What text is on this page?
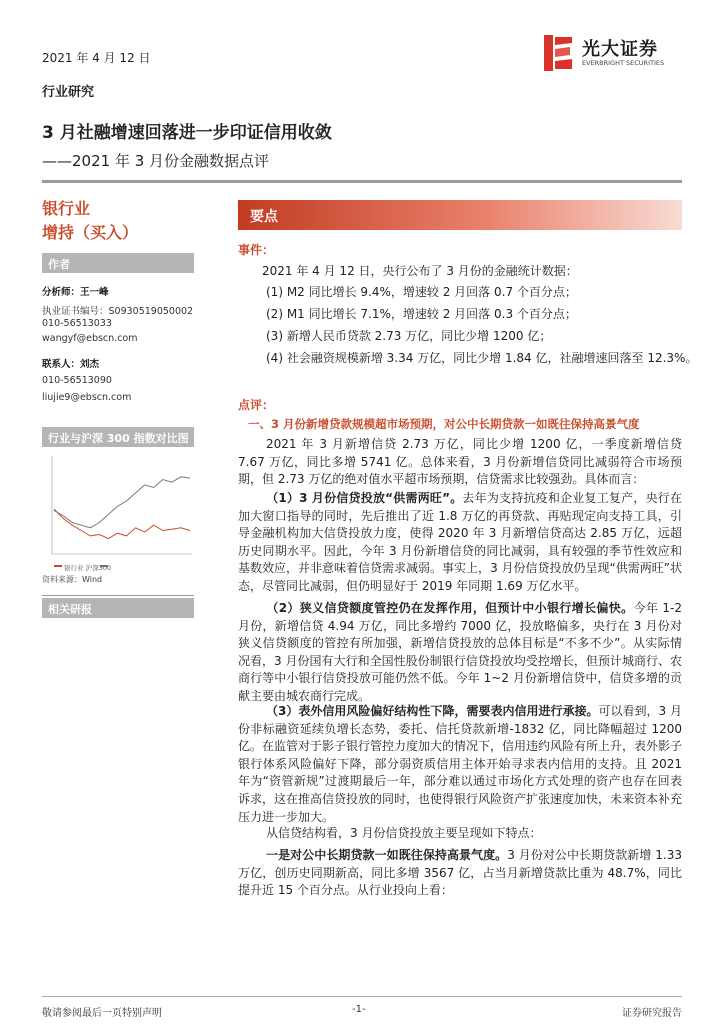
2021 年 4 月 12 日	光大证券
EVERBRIGHT SECURITIES
行业研究
3 月社融增速回落进一步印证信用收敛
——2021 年 3 月份金融数据点评
银行业
增持（买入）
作者
分析师：王一峰
执业证书编号：S0930519050002
010-56513033
wangyf@ebscn.com
联系人：刘杰
010-56513090
liujie9@ebscn.com
行业与沪深 300 指数对比图
银行业 沪深300
资料来源：Wind
相关研报
要点
事件：
2021 年 4 月 12 日，央行公布了 3 月份的金融统计数据：
(1) M2 同比增长 9.4%，增速较 2 月回落 0.7 个百分点；
(2) M1 同比增长 7.1%，增速较 2 月回落 0.3 个百分点；
(3) 新增人民币贷款 2.73 万亿，同比少增 1200 亿；
(4) 社会融资规模新增 3.34 万亿，同比少增 1.84 亿，社融增速回落至 12.3%。
点评：
一、3 月份新增贷款规模超市场预期，对公中长期贷款一如既往保持高景气度
2021 年 3 月新增信贷 2.73 万亿，同比少增 1200 亿，一季度新增信贷 7.67 万亿，同比多增 5741 亿。总体来看，3 月份新增信贷同比减弱符合市场预期，但 2.73 万亿的绝对值水平超市场预期，信贷需求比较强劲。具体而言：
（1）3 月份信贷投放“供需两旺”。去年为支持抗疫和企业复工复产，央行在加大窗口指导的同时，先后推出了近 1.8 万亿的再贷款、再贴现定向支持工具，引导金融机构加大信贷投放力度，使得 2020 年 3 月新增信贷高达 2.85 万亿，远超历史同期水平。因此，今年 3 月份新增信贷的同比减弱，具有较强的季节性效应和基数效应，并非意味着信贷需求减弱。事实上，3 月份信贷投放仍呈现“供需两旺”状态，尽管同比减弱，但仍明显好于 2019 年同期 1.69 万亿水平。
（2）狭义信贷额度管控仍在发挥作用，但预计中小银行增长偏快。今年 1-2 月份，新增信贷 4.94 万亿，同比多增约 7000 亿，投放略偏多，央行在 3 月份对狭义信贷额度的管控有所加强，新增信贷投放的总体目标是“不多不少”。从实际情况看，3 月份国有大行和全国性股份制银行信贷投放均受控增长，但预计城商行、农商行等中小银行信贷投放可能仍然不低。今年 1~2 月份新增信贷中，信贷多增的贡献主要由城农商行完成。
（3）表外信用风险偏好结构性下降，需要表内信用进行承接。可以看到，3 月份非标融资延续负增长态势，委托、信托贷款新增-1832 亿，同比降幅超过 1200 亿。在监管对于影子银行管控力度加大的情况下，信用违约风险有所上升，表外影子银行体系风险偏好下降，部分弱资质信用主体开始寻求表内信用的支持。且 2021 年为“资管新规”过渡期最后一年，部分难以通过市场化方式处理的资产也存在回表诉求，这在推高信贷投放的同时，也使得银行风险资产扩张速度加快，未来资本补充压力进一步加大。
从信贷结构看，3 月份信贷投放主要呈现如下特点：
一是对公中长期贷款一如既往保持高景气度。3 月份对公中长期贷款新增 1.33 万亿，创历史同期新高，同比多增 3567 亿，占当月新增贷款比重为 48.7%，同比提升近 15 个百分点。从行业投向上看：
敬请参阅最后一页特别声明	-1-	证券研究报告
